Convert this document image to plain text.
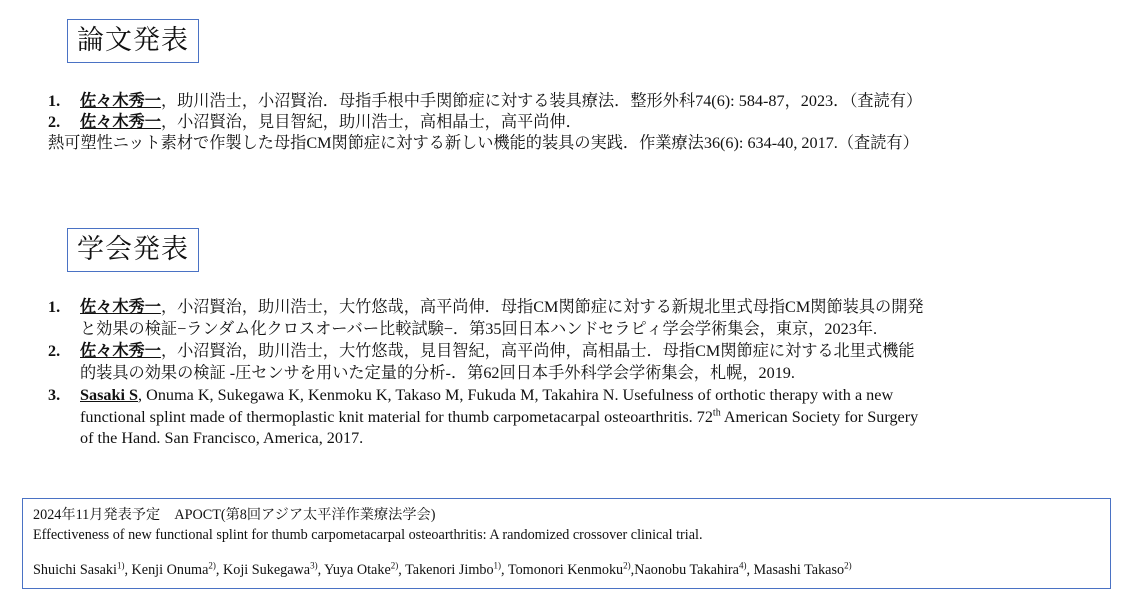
論文発表
1. 佐々木秀一，助川浩士，小沼賢治．母指手根中手関節症に対する装具療法．整形外科74(6): 584-87，2023．（査読有）
2. 佐々木秀一，小沼賢治，見目智紀，助川浩士，高相晶士，高平尚伸．
熱可塑性ニット素材で作製した母指CM関節症に対する新しい機能的装具の実践．作業療法36(6): 634-40, 2017.（査読有）
学会発表
1. 佐々木秀一，小沼賢治，助川浩士，大竹悠哉，高平尚伸．母指CM関節症に対する新規北里式母指CM関節装具の開発
と効果の検証−ランダム化クロスオーバー比較試験−．第35回日本ハンドセラピィ学会学術集会，東京，2023年.
2. 佐々木秀一，小沼賢治，助川浩士，大竹悠哉，見目智紀，高平尚伸，高相晶士．母指CM関節症に対する北里式機能
的装具の効果の検証 -圧センサを用いた定量的分析-．第62回日本手外科学会学術集会，札幌，2019.
3. Sasaki S, Onuma K, Sukegawa K, Kenmoku K, Takaso M, Fukuda M, Takahira N. Usefulness of orthotic therapy with a new
functional splint made of thermoplastic knit material for thumb carpometacarpal osteoarthritis. 72th American Society for Surgery
of the Hand. San Francisco, America, 2017.
2024年11月発表予定　APOCT(第8回アジア太平洋作業療法学会)
Effectiveness of new functional splint for thumb carpometacarpal osteoarthritis: A randomized crossover clinical trial.
Shuichi Sasaki$^{1)}$, Kenji Onuma$^{2)}$, Koji Sukegawa$^{3)}$, Yuya Otake$^{2)}$, Takenori Jimbo$^{1)}$, Tomonori Kenmoku$^{2)}$,Naonobu Takahira$^{4)}$, Masashi Takaso$^{2)}$
